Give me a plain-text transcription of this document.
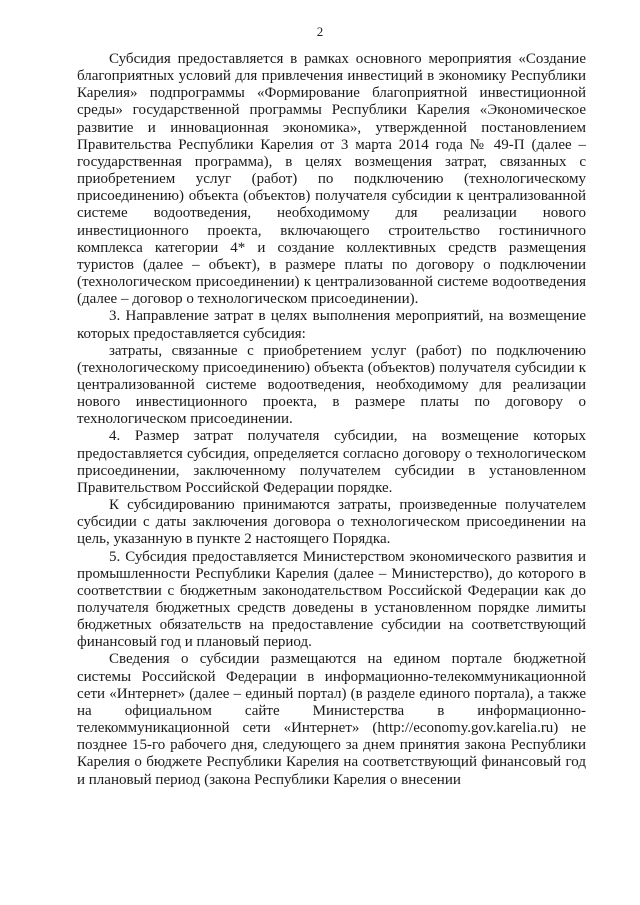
2

Субсидия предоставляется в рамках основного мероприятия «Создание благоприятных условий для привлечения инвестиций в экономику Республики Карелия» подпрограммы «Формирование благоприятной инвестиционной среды» государственной программы Республики Карелия «Экономическое развитие и инновационная экономика», утвержденной постановлением Правительства Республики Карелия от 3 марта 2014 года № 49-П (далее – государственная программа), в целях возмещения затрат, связанных с приобретением услуг (работ) по подключению (технологическому присоединению) объекта (объектов) получателя субсидии к централизованной системе водоотведения, необходимому для реализации нового инвестиционного проекта, включающего строительство гостиничного комплекса категории 4* и создание коллективных средств размещения туристов (далее – объект), в размере платы по договору о подключении (технологическом присоединении) к централизованной системе водоотведения (далее – договор о технологическом присоединении).

3. Направление затрат в целях выполнения мероприятий, на возмещение которых предоставляется субсидия:

затраты, связанные с приобретением услуг (работ) по подключению (технологическому присоединению) объекта (объектов) получателя субсидии к централизованной системе водоотведения, необходимому для реализации нового инвестиционного проекта, в размере платы по договору о технологическом присоединении.

4. Размер затрат получателя субсидии, на возмещение которых предоставляется субсидия, определяется согласно договору о технологическом присоединении, заключенному получателем субсидии в установленном Правительством Российской Федерации порядке.

К субсидированию принимаются затраты, произведенные получателем субсидии с даты заключения договора о технологическом присоединении на цель, указанную в пункте 2 настоящего Порядка.

5. Субсидия предоставляется Министерством экономического развития и промышленности Республики Карелия (далее – Министерство), до которого в соответствии с бюджетным законодательством Российской Федерации как до получателя бюджетных средств доведены в установленном порядке лимиты бюджетных обязательств на предоставление субсидии на соответствующий финансовый год и плановый период.

Сведения о субсидии размещаются на едином портале бюджетной системы Российской Федерации в информационно-телекоммуникационной сети «Интернет» (далее – единый портал) (в разделе единого портала), а также на официальном сайте Министерства в информационно-телекоммуникационной сети «Интернет» (http://economy.gov.karelia.ru) не позднее 15-го рабочего дня, следующего за днем принятия закона Республики Карелия о бюджете Республики Карелия на соответствующий финансовый год и плановый период (закона Республики Карелия о внесении
